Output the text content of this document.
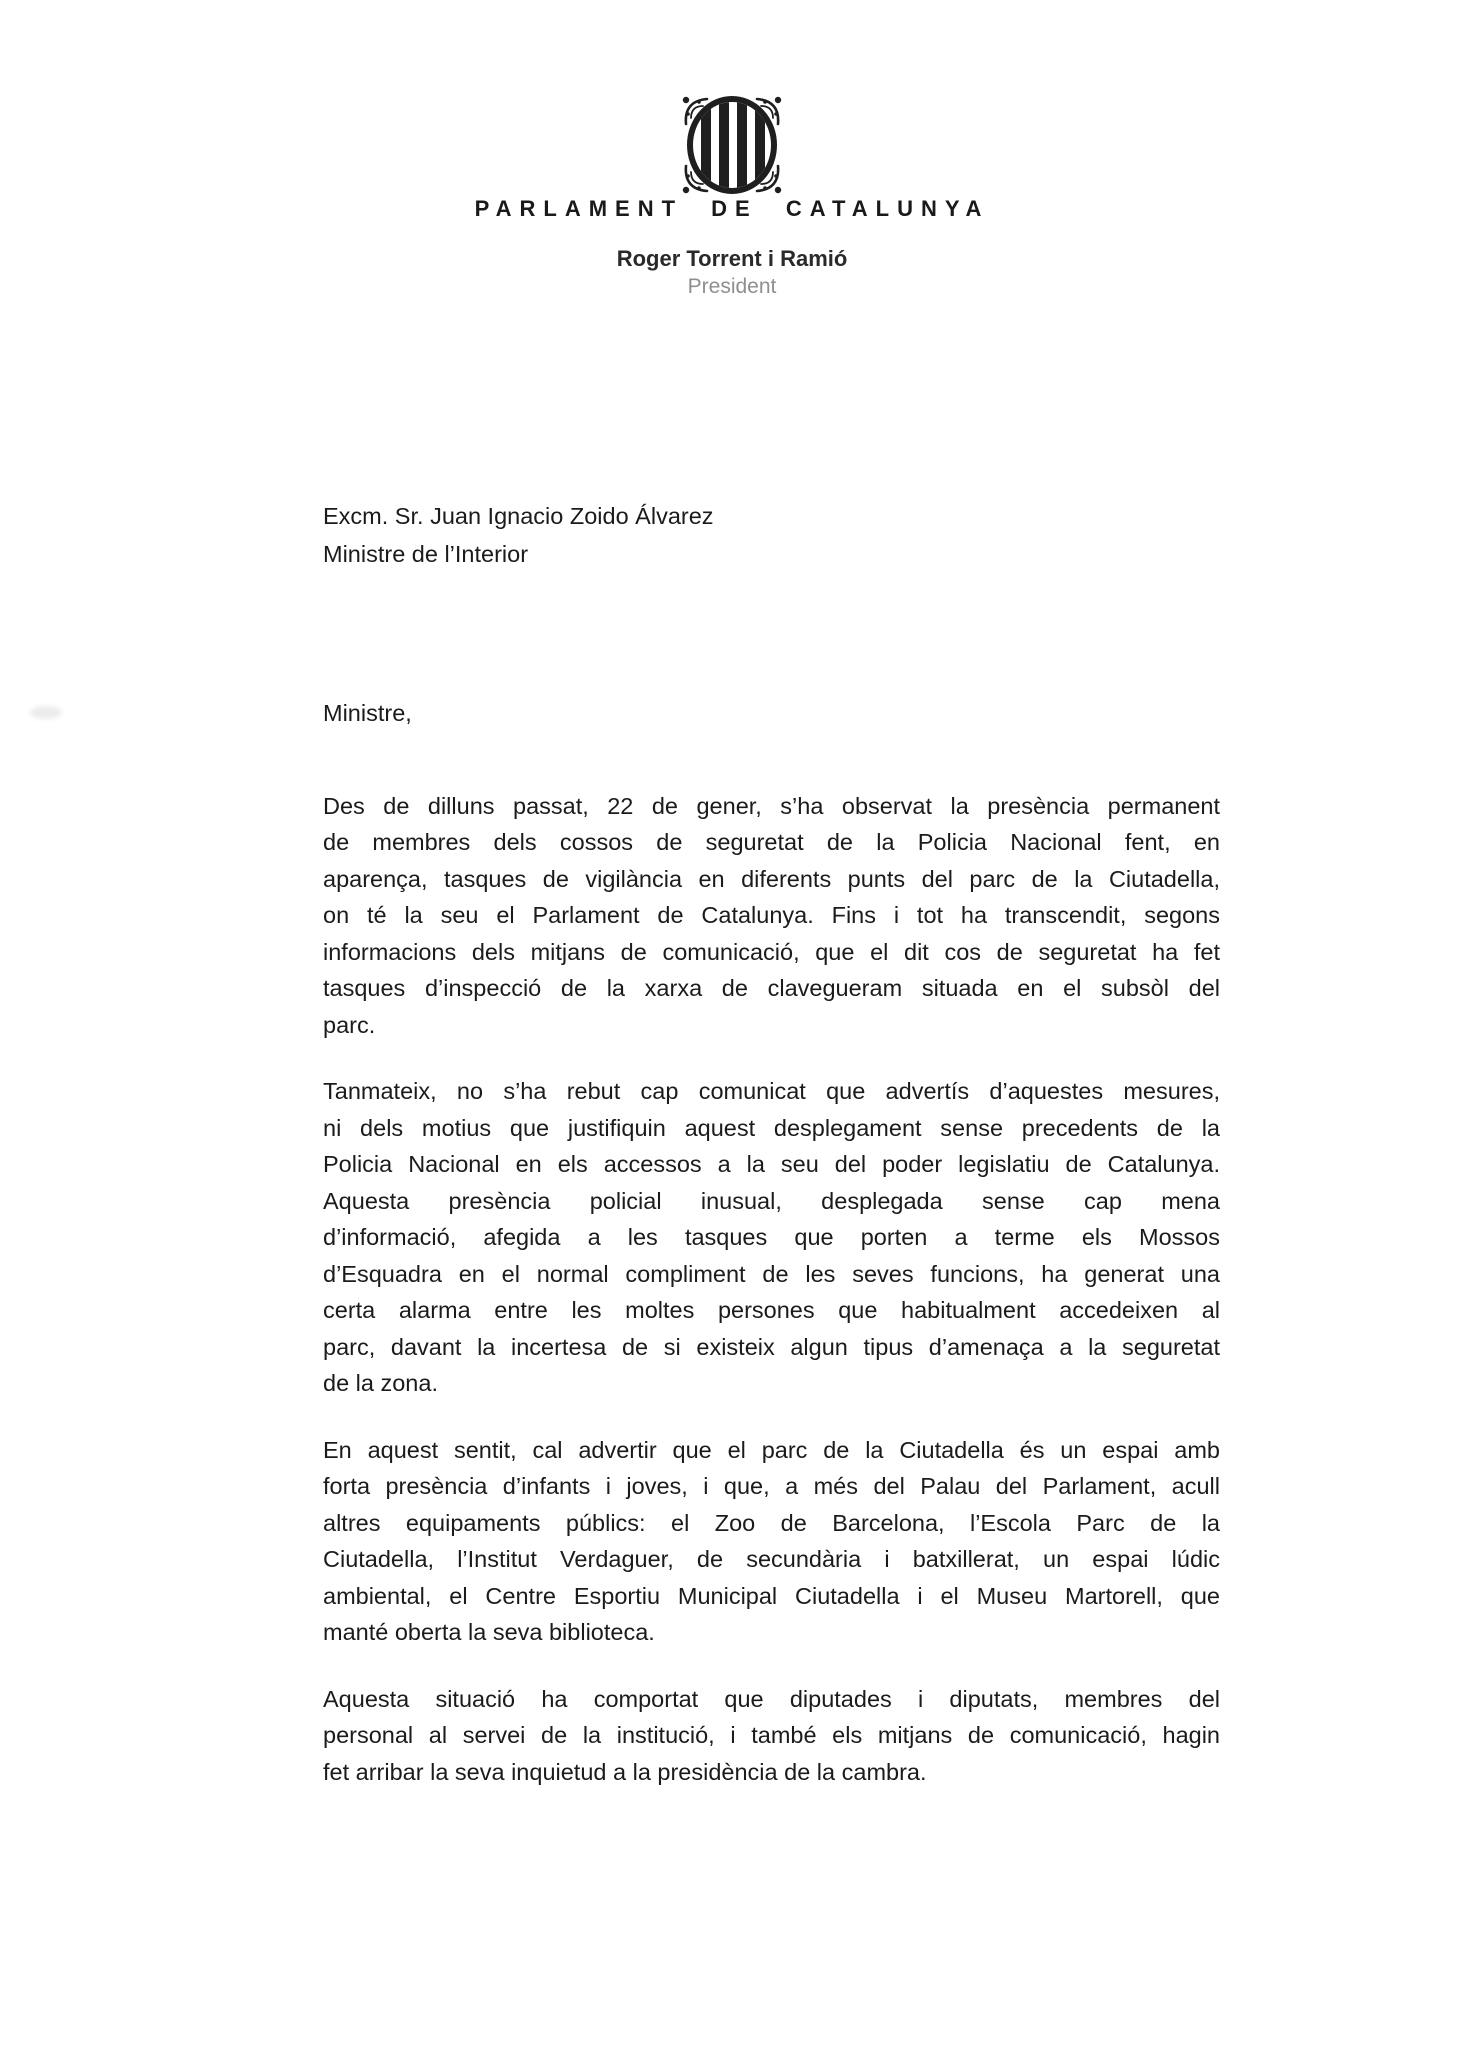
PARLAMENT DE CATALUNYA
Roger Torrent i Ramió
President
Excm. Sr. Juan Ignacio Zoido Álvarez
Ministre de l’Interior
Ministre,
Des de dilluns passat, 22 de gener, s’ha observat la presència permanent
de membres dels cossos de seguretat de la Policia Nacional fent, en
aparença, tasques de vigilància en diferents punts del parc de la Ciutadella,
on té la seu el Parlament de Catalunya. Fins i tot ha transcendit, segons
informacions dels mitjans de comunicació, que el dit cos de seguretat ha fet
tasques d’inspecció de la xarxa de clavegueram situada en el subsòl del
parc.
Tanmateix, no s’ha rebut cap comunicat que advertís d’aquestes mesures,
ni dels motius que justifiquin aquest desplegament sense precedents de la
Policia Nacional en els accessos a la seu del poder legislatiu de Catalunya.
Aquesta presència policial inusual, desplegada sense cap mena
d’informació, afegida a les tasques que porten a terme els Mossos
d’Esquadra en el normal compliment de les seves funcions, ha generat una
certa alarma entre les moltes persones que habitualment accedeixen al
parc, davant la incertesa de si existeix algun tipus d’amenaça a la seguretat
de la zona.
En aquest sentit, cal advertir que el parc de la Ciutadella és un espai amb
forta presència d’infants i joves, i que, a més del Palau del Parlament, acull
altres equipaments públics: el Zoo de Barcelona, l’Escola Parc de la
Ciutadella, l’Institut Verdaguer, de secundària i batxillerat, un espai lúdic
ambiental, el Centre Esportiu Municipal Ciutadella i el Museu Martorell, que
manté oberta la seva biblioteca.
Aquesta situació ha comportat que diputades i diputats, membres del
personal al servei de la institució, i també els mitjans de comunicació, hagin
fet arribar la seva inquietud a la presidència de la cambra.
